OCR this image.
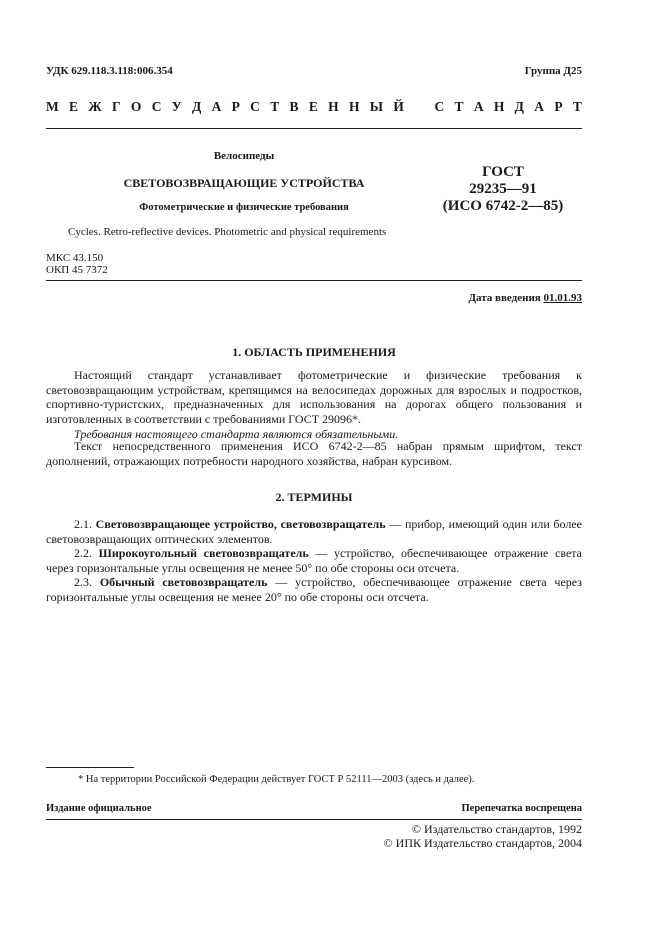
УДК 629.118.3.118:006.354	Группа Д25
М Е Ж Г О С У Д А Р С Т В Е Н Н Ы Й С Т А Н Д А Р Т
Велосипеды
СВЕТОВОЗВРАЩАЮЩИЕ УСТРОЙСТВА
Фотометрические и физические требования
ГОСТ
29235—91
(ИСО 6742-2—85)
Cycles. Retro-reflective devices. Photometric and physical requirements
МКС 43.150
ОКП 45 7372
Дата введения 01.01.93
1. ОБЛАСТЬ ПРИМЕНЕНИЯ
Настоящий стандарт устанавливает фотометрические и физические требования к световозвращающим устройствам, крепящимся на велосипедах дорожных для взрослых и подростков, спортивно-туристских, предназначенных для использования на дорогах общего пользования и изготовленных в соответствии с требованиями ГОСТ 29096*.
Требования настоящего стандарта являются обязательными.
Текст непосредственного применения ИСО 6742-2—85 набран прямым шрифтом, текст дополнений, отражающих потребности народного хозяйства, набран курсивом.
2. ТЕРМИНЫ
2.1. Световозвращающее устройство, световозвращатель — прибор, имеющий один или более световозвращающих оптических элементов.
2.2. Широкоугольный световозвращатель — устройство, обеспечивающее отражение света через горизонтальные углы освещения не менее 50° по обе стороны оси отсчета.
2.3. Обычный световозвращатель — устройство, обеспечивающее отражение света через горизонтальные углы освещения не менее 20° по обе стороны оси отсчета.
* На территории Российской Федерации действует ГОСТ Р 52111—2003 (здесь и далее).
Издание официальное	Перепечатка воспрещена
© Издательство стандартов, 1992
© ИПК Издательство стандартов, 2004
